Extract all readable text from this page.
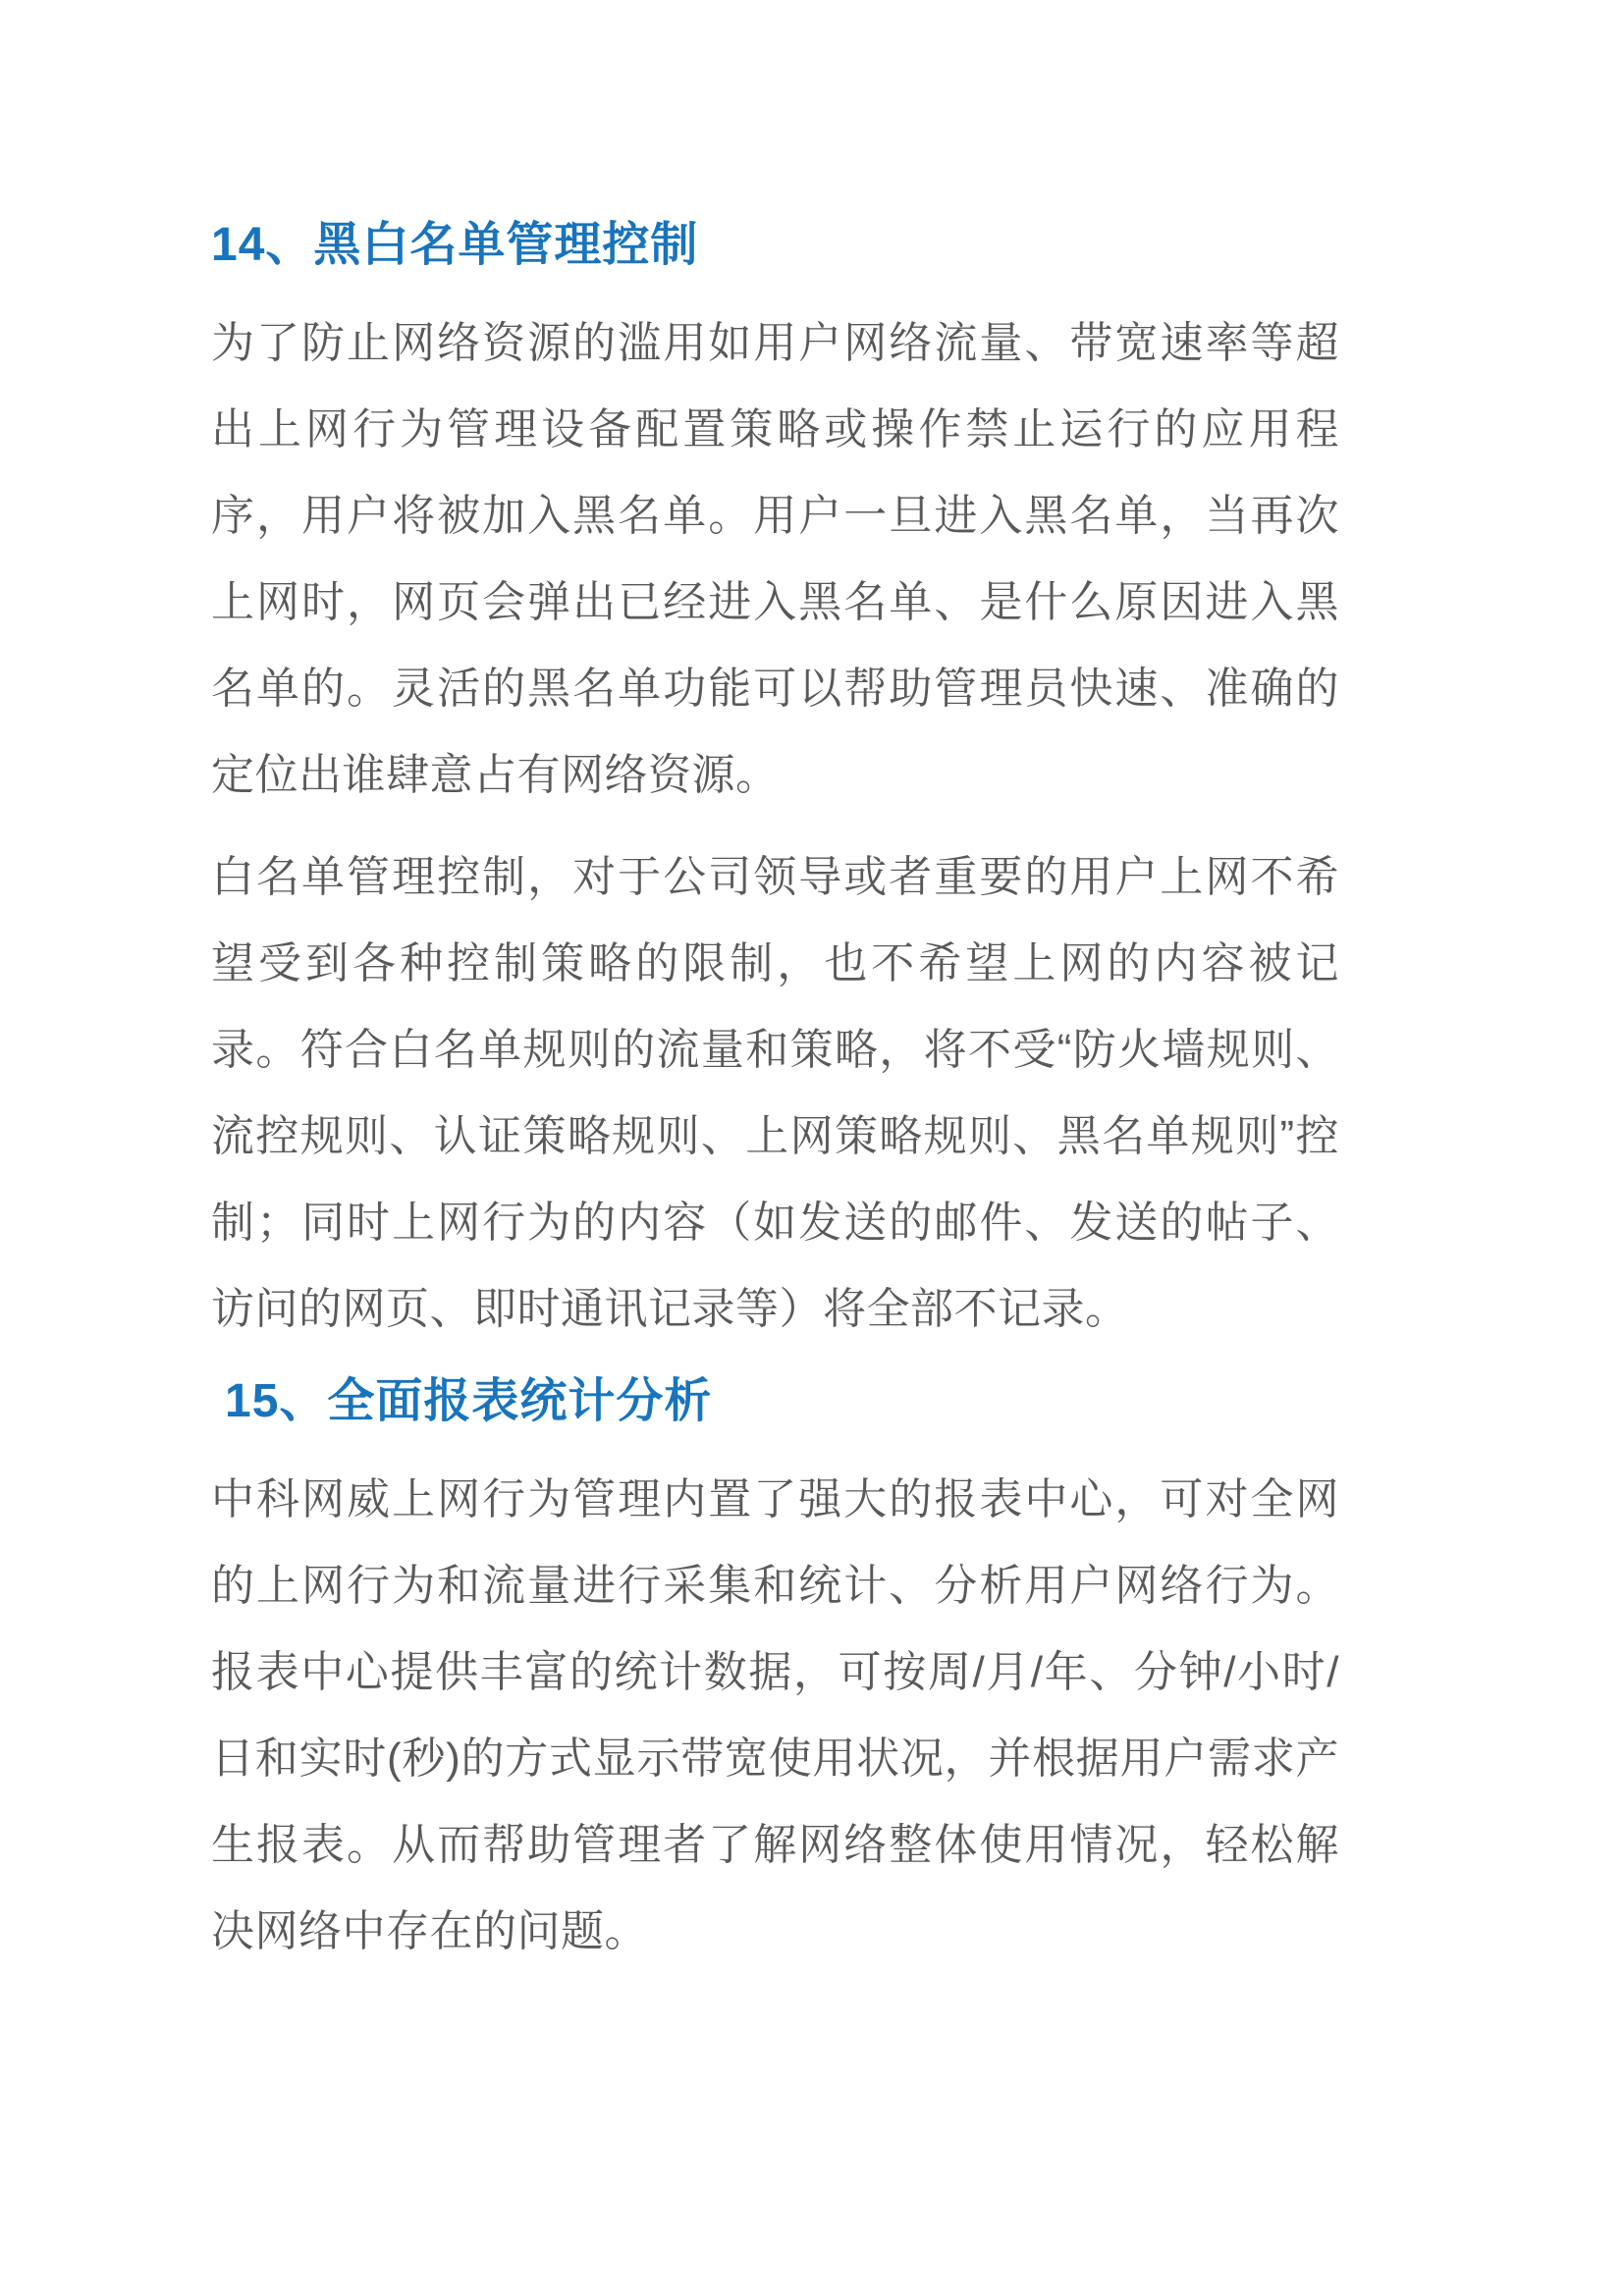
14、黑白名单管理控制

为了防止网络资源的滥用如用户网络流量、带宽速率等超出上网行为管理设备配置策略或操作禁止运行的应用程序，用户将被加入黑名单。用户一旦进入黑名单，当再次上网时，网页会弹出已经进入黑名单、是什么原因进入黑名单的。灵活的黑名单功能可以帮助管理员快速、准确的定位出谁肆意占有网络资源。

白名单管理控制，对于公司领导或者重要的用户上网不希望受到各种控制策略的限制，也不希望上网的内容被记录。符合白名单规则的流量和策略，将不受“防火墙规则、流控规则、认证策略规则、上网策略规则、黑名单规则”控制；同时上网行为的内容（如发送的邮件、发送的帖子、访问的网页、即时通讯记录等）将全部不记录。

15、全面报表统计分析

中科网威上网行为管理内置了强大的报表中心，可对全网的上网行为和流量进行采集和统计、分析用户网络行为。报表中心提供丰富的统计数据，可按周/月/年、分钟/小时/日和实时(秒)的方式显示带宽使用状况，并根据用户需求产生报表。从而帮助管理者了解网络整体使用情况，轻松解决网络中存在的问题。
